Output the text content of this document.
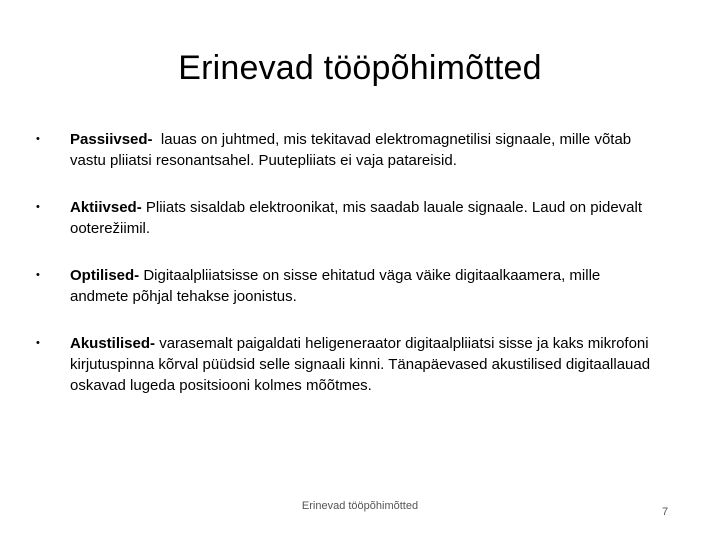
Erinevad tööpõhimõtted
•	Passiivsed-  lauas on juhtmed, mis tekitavad elektromagnetilisi signaale, mille võtab vastu pliiatsi resonantsahel. Puutepliiats ei vaja patareisid.
•	Aktiivsed- Pliiats sisaldab elektroonikat, mis saadab lauale signaale. Laud on pidevalt ooterežiimil.
•	Optilised- Digitaalpliiatsisse on sisse ehitatud väga väike digitaalkaamera, mille andmete põhjal tehakse joonistus.
•	Akustilised- varasemalt paigaldati heligeneraator digitaalpliiatsi sisse ja kaks mikrofoni kirjutuspinna kõrval püüdsid selle signaali kinni. Tänapäevased akustilised digitaallauad oskavad lugeda positsiooni kolmes mõõtmes.
Erinevad tööpõhimõtted	7
